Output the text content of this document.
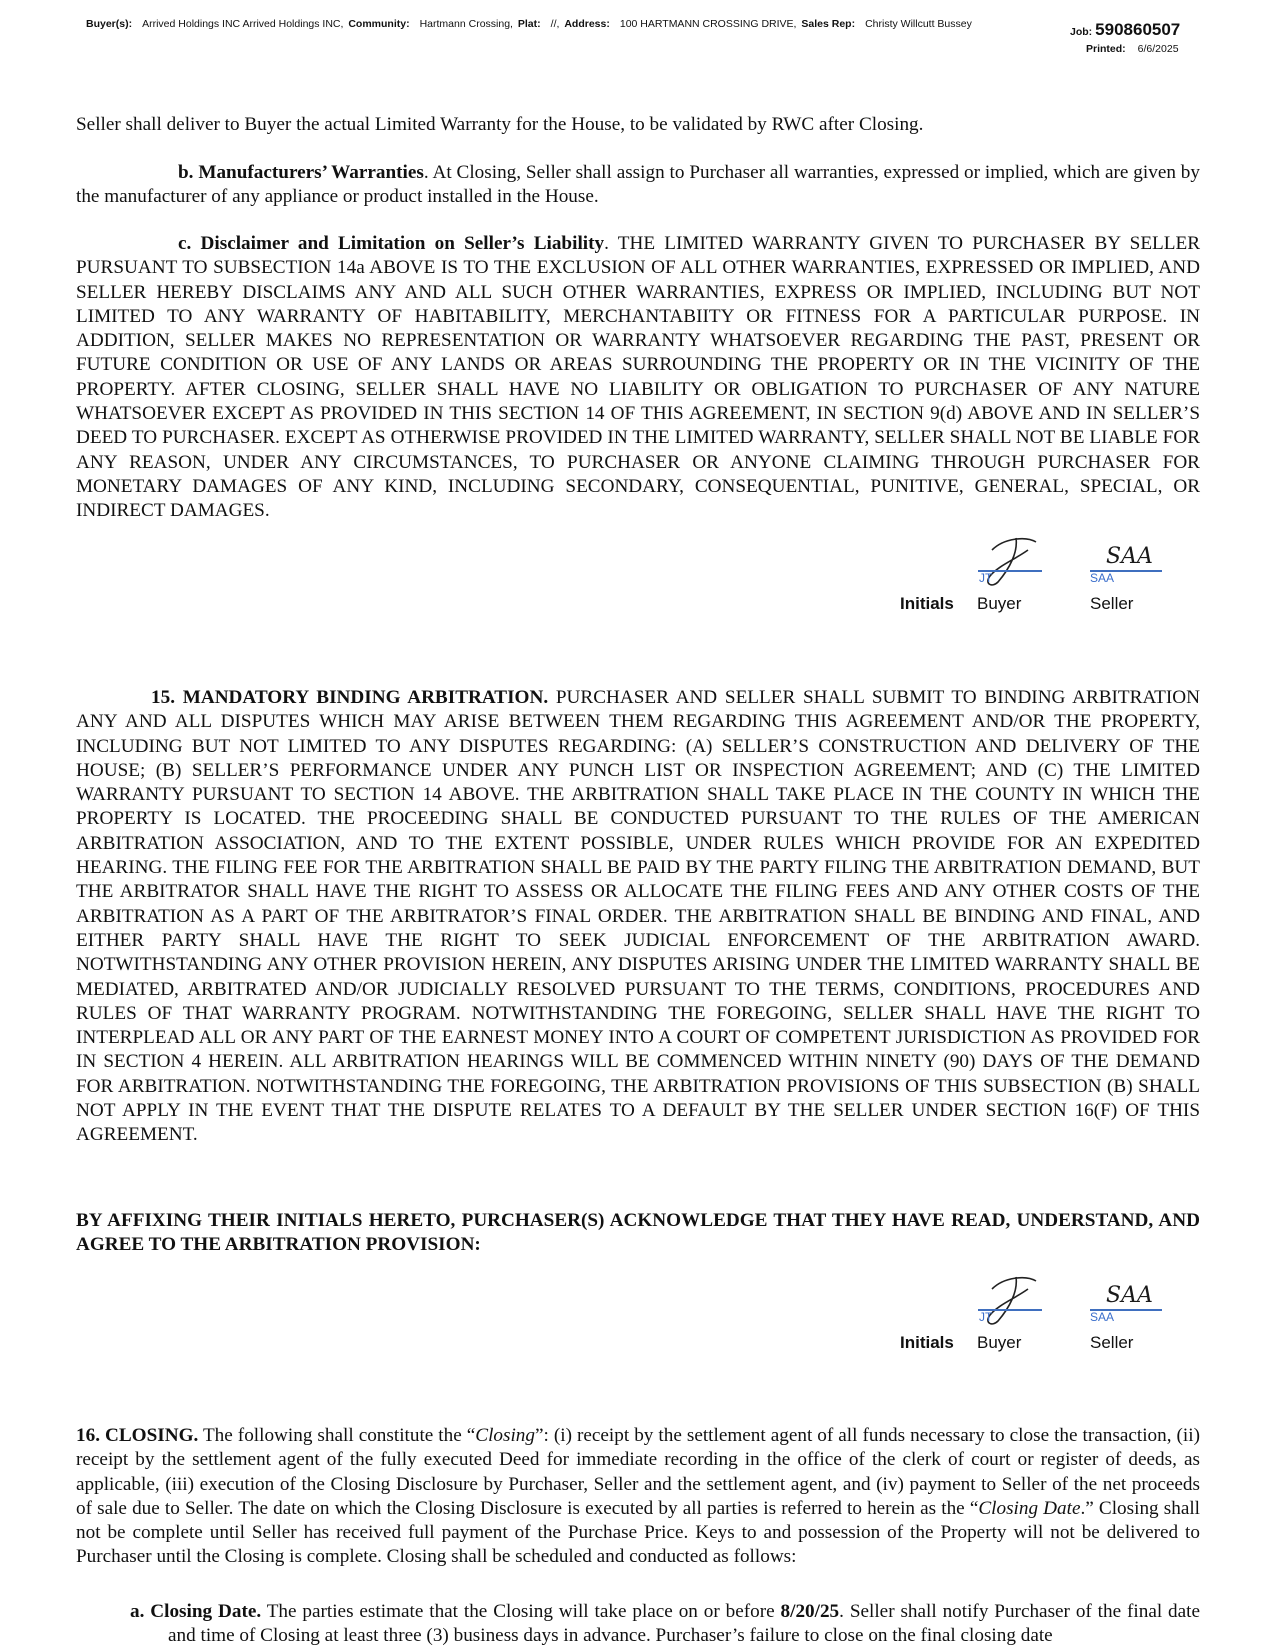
Buyer(s): Arrived Holdings INC Arrived Holdings INC, Community: Hartmann Crossing, Plat: //, Address: 100 HARTMANN CROSSING DRIVE, Sales Rep: Christy Willcutt Bussey
Job: 590860507
Printed: 6/6/2025

Seller shall deliver to Buyer the actual Limited Warranty for the House, to be validated by RWC after Closing.

b. Manufacturers’ Warranties. At Closing, Seller shall assign to Purchaser all warranties, expressed or implied, which are given by the manufacturer of any appliance or product installed in the House.

c. Disclaimer and Limitation on Seller’s Liability. THE LIMITED WARRANTY GIVEN TO PURCHASER BY SELLER PURSUANT TO SUBSECTION 14a ABOVE IS TO THE EXCLUSION OF ALL OTHER WARRANTIES, EXPRESSED OR IMPLIED, AND SELLER HEREBY DISCLAIMS ANY AND ALL SUCH OTHER WARRANTIES, EXPRESS OR IMPLIED, INCLUDING BUT NOT LIMITED TO ANY WARRANTY OF HABITABILITY, MERCHANTABIITY OR FITNESS FOR A PARTICULAR PURPOSE. IN ADDITION, SELLER MAKES NO REPRESENTATION OR WARRANTY WHATSOEVER REGARDING THE PAST, PRESENT OR FUTURE CONDITION OR USE OF ANY LANDS OR AREAS SURROUNDING THE PROPERTY OR IN THE VICINITY OF THE PROPERTY. AFTER CLOSING, SELLER SHALL HAVE NO LIABILITY OR OBLIGATION TO PURCHASER OF ANY NATURE WHATSOEVER EXCEPT AS PROVIDED IN THIS SECTION 14 OF THIS AGREEMENT, IN SECTION 9(d) ABOVE AND IN SELLER’S DEED TO PURCHASER. EXCEPT AS OTHERWISE PROVIDED IN THE LIMITED WARRANTY, SELLER SHALL NOT BE LIABLE FOR ANY REASON, UNDER ANY CIRCUMSTANCES, TO PURCHASER OR ANYONE CLAIMING THROUGH PURCHASER FOR MONETARY DAMAGES OF ANY KIND, INCLUDING SECONDARY, CONSEQUENTIAL, PUNITIVE, GENERAL, SPECIAL, OR INDIRECT DAMAGES.

JT
SAA
SAA
Initials Buyer	Seller

15. MANDATORY BINDING ARBITRATION. PURCHASER AND SELLER SHALL SUBMIT TO BINDING ARBITRATION ANY AND ALL DISPUTES WHICH MAY ARISE BETWEEN THEM REGARDING THIS AGREEMENT AND/OR THE PROPERTY, INCLUDING BUT NOT LIMITED TO ANY DISPUTES REGARDING: (A) SELLER’S CONSTRUCTION AND DELIVERY OF THE HOUSE; (B) SELLER’S PERFORMANCE UNDER ANY PUNCH LIST OR INSPECTION AGREEMENT; AND (C) THE LIMITED WARRANTY PURSUANT TO SECTION 14 ABOVE. THE ARBITRATION SHALL TAKE PLACE IN THE COUNTY IN WHICH THE PROPERTY IS LOCATED. THE PROCEEDING SHALL BE CONDUCTED PURSUANT TO THE RULES OF THE AMERICAN ARBITRATION ASSOCIATION, AND TO THE EXTENT POSSIBLE, UNDER RULES WHICH PROVIDE FOR AN EXPEDITED HEARING. THE FILING FEE FOR THE ARBITRATION SHALL BE PAID BY THE PARTY FILING THE ARBITRATION DEMAND, BUT THE ARBITRATOR SHALL HAVE THE RIGHT TO ASSESS OR ALLOCATE THE FILING FEES AND ANY OTHER COSTS OF THE ARBITRATION AS A PART OF THE ARBITRATOR’S FINAL ORDER. THE ARBITRATION SHALL BE BINDING AND FINAL, AND EITHER PARTY SHALL HAVE THE RIGHT TO SEEK JUDICIAL ENFORCEMENT OF THE ARBITRATION AWARD. NOTWITHSTANDING ANY OTHER PROVISION HEREIN, ANY DISPUTES ARISING UNDER THE LIMITED WARRANTY SHALL BE MEDIATED, ARBITRATED AND/OR JUDICIALLY RESOLVED PURSUANT TO THE TERMS, CONDITIONS, PROCEDURES AND RULES OF THAT WARRANTY PROGRAM. NOTWITHSTANDING THE FOREGOING, SELLER SHALL HAVE THE RIGHT TO INTERPLEAD ALL OR ANY PART OF THE EARNEST MONEY INTO A COURT OF COMPETENT JURISDICTION AS PROVIDED FOR IN SECTION 4 HEREIN. ALL ARBITRATION HEARINGS WILL BE COMMENCED WITHIN NINETY (90) DAYS OF THE DEMAND FOR ARBITRATION. NOTWITHSTANDING THE FOREGOING, THE ARBITRATION PROVISIONS OF THIS SUBSECTION (B) SHALL NOT APPLY IN THE EVENT THAT THE DISPUTE RELATES TO A DEFAULT BY THE SELLER UNDER SECTION 16(F) OF THIS AGREEMENT.

BY AFFIXING THEIR INITIALS HERETO, PURCHASER(S) ACKNOWLEDGE THAT THEY HAVE READ, UNDERSTAND, AND AGREE TO THE ARBITRATION PROVISION:

JT
SAA
SAA
Initials Buyer	Seller

16. CLOSING. The following shall constitute the “Closing”: (i) receipt by the settlement agent of all funds necessary to close the transaction, (ii) receipt by the settlement agent of the fully executed Deed for immediate recording in the office of the clerk of court or register of deeds, as applicable, (iii) execution of the Closing Disclosure by Purchaser, Seller and the settlement agent, and (iv) payment to Seller of the net proceeds of sale due to Seller. The date on which the Closing Disclosure is executed by all parties is referred to herein as the “Closing Date.” Closing shall not be complete until Seller has received full payment of the Purchase Price. Keys to and possession of the Property will not be delivered to Purchaser until the Closing is complete. Closing shall be scheduled and conducted as follows:

a. Closing Date. The parties estimate that the Closing will take place on or before 8/20/25. Seller shall notify Purchaser of the final date and time of Closing at least three (3) business days in advance. Purchaser’s failure to close on the final closing date
